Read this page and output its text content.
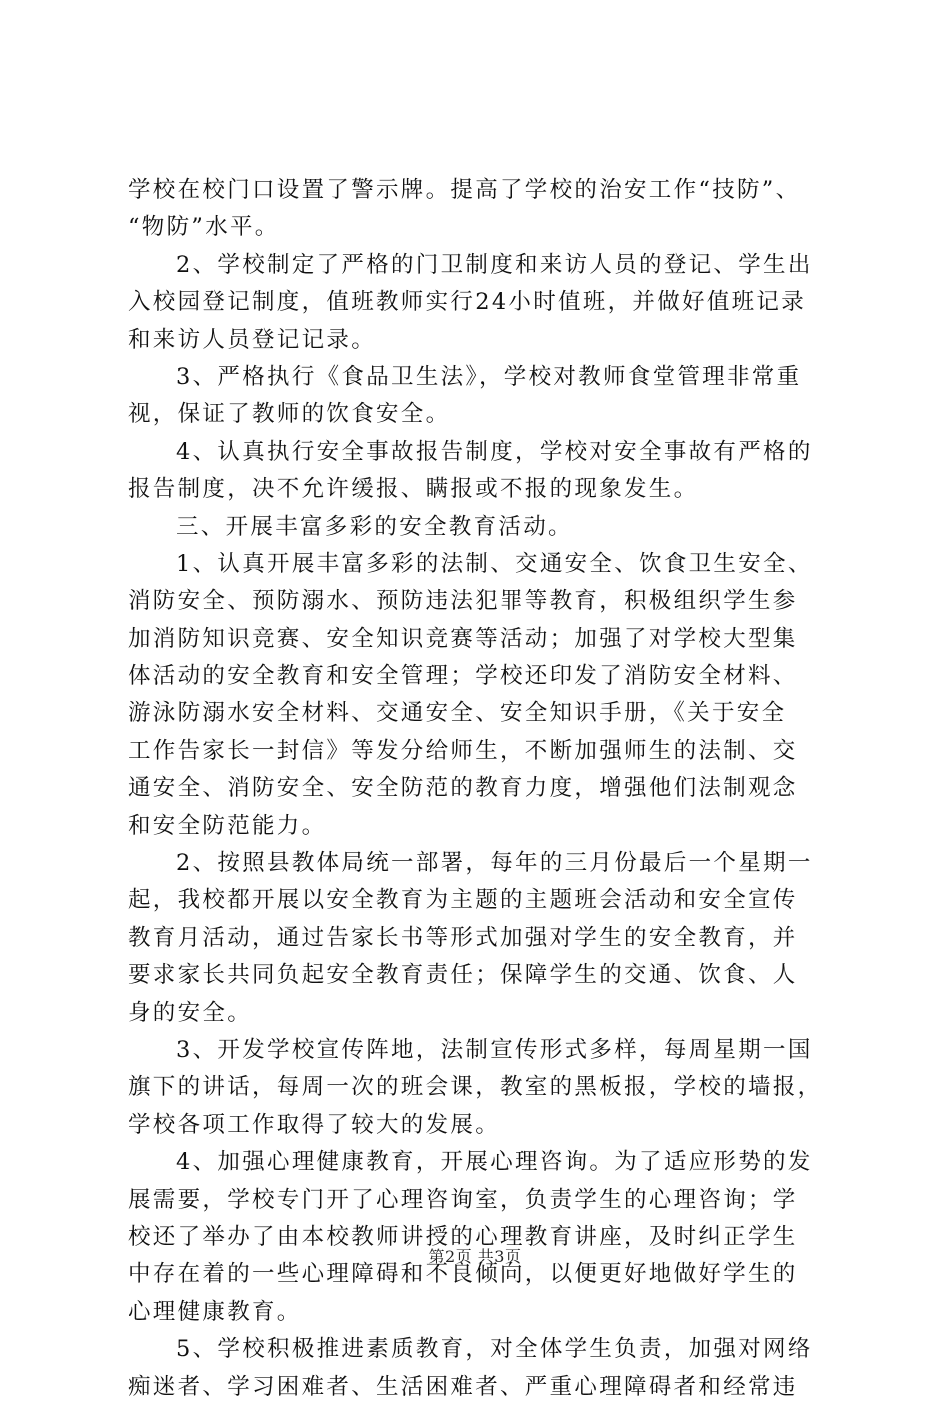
学校在校门口设置了警示牌。提高了学校的治安工作“技防”、
“物防”水平。
2、学校制定了严格的门卫制度和来访人员的登记、学生出
入校园登记制度，值班教师实行24小时值班，并做好值班记录
和来访人员登记记录。
3、严格执行《食品卫生法》，学校对教师食堂管理非常重
视，保证了教师的饮食安全。
4、认真执行安全事故报告制度，学校对安全事故有严格的
报告制度，决不允许缓报、瞒报或不报的现象发生。
三、开展丰富多彩的安全教育活动。
1、认真开展丰富多彩的法制、交通安全、饮食卫生安全、
消防安全、预防溺水、预防违法犯罪等教育，积极组织学生参
加消防知识竞赛、安全知识竞赛等活动；加强了对学校大型集
体活动的安全教育和安全管理；学校还印发了消防安全材料、
游泳防溺水安全材料、交通安全、安全知识手册，《关于安全
工作告家长一封信》等发分给师生，不断加强师生的法制、交
通安全、消防安全、安全防范的教育力度，增强他们法制观念
和安全防范能力。
2、按照县教体局统一部署，每年的三月份最后一个星期一
起，我校都开展以安全教育为主题的主题班会活动和安全宣传
教育月活动，通过告家长书等形式加强对学生的安全教育，并
要求家长共同负起安全教育责任；保障学生的交通、饮食、人
身的安全。
3、开发学校宣传阵地，法制宣传形式多样，每周星期一国
旗下的讲话，每周一次的班会课，教室的黑板报，学校的墙报，
学校各项工作取得了较大的发展。
4、加强心理健康教育，开展心理咨询。为了适应形势的发
展需要，学校专门开了心理咨询室，负责学生的心理咨询；学
校还了举办了由本校教师讲授的心理教育讲座，及时纠正学生
中存在着的一些心理障碍和不良倾向，以便更好地做好学生的
心理健康教育。
5、学校积极推进素质教育，对全体学生负责，加强对网络
痴迷者、学习困难者、生活困难者、严重心理障碍者和经常违
第2页 共3页
